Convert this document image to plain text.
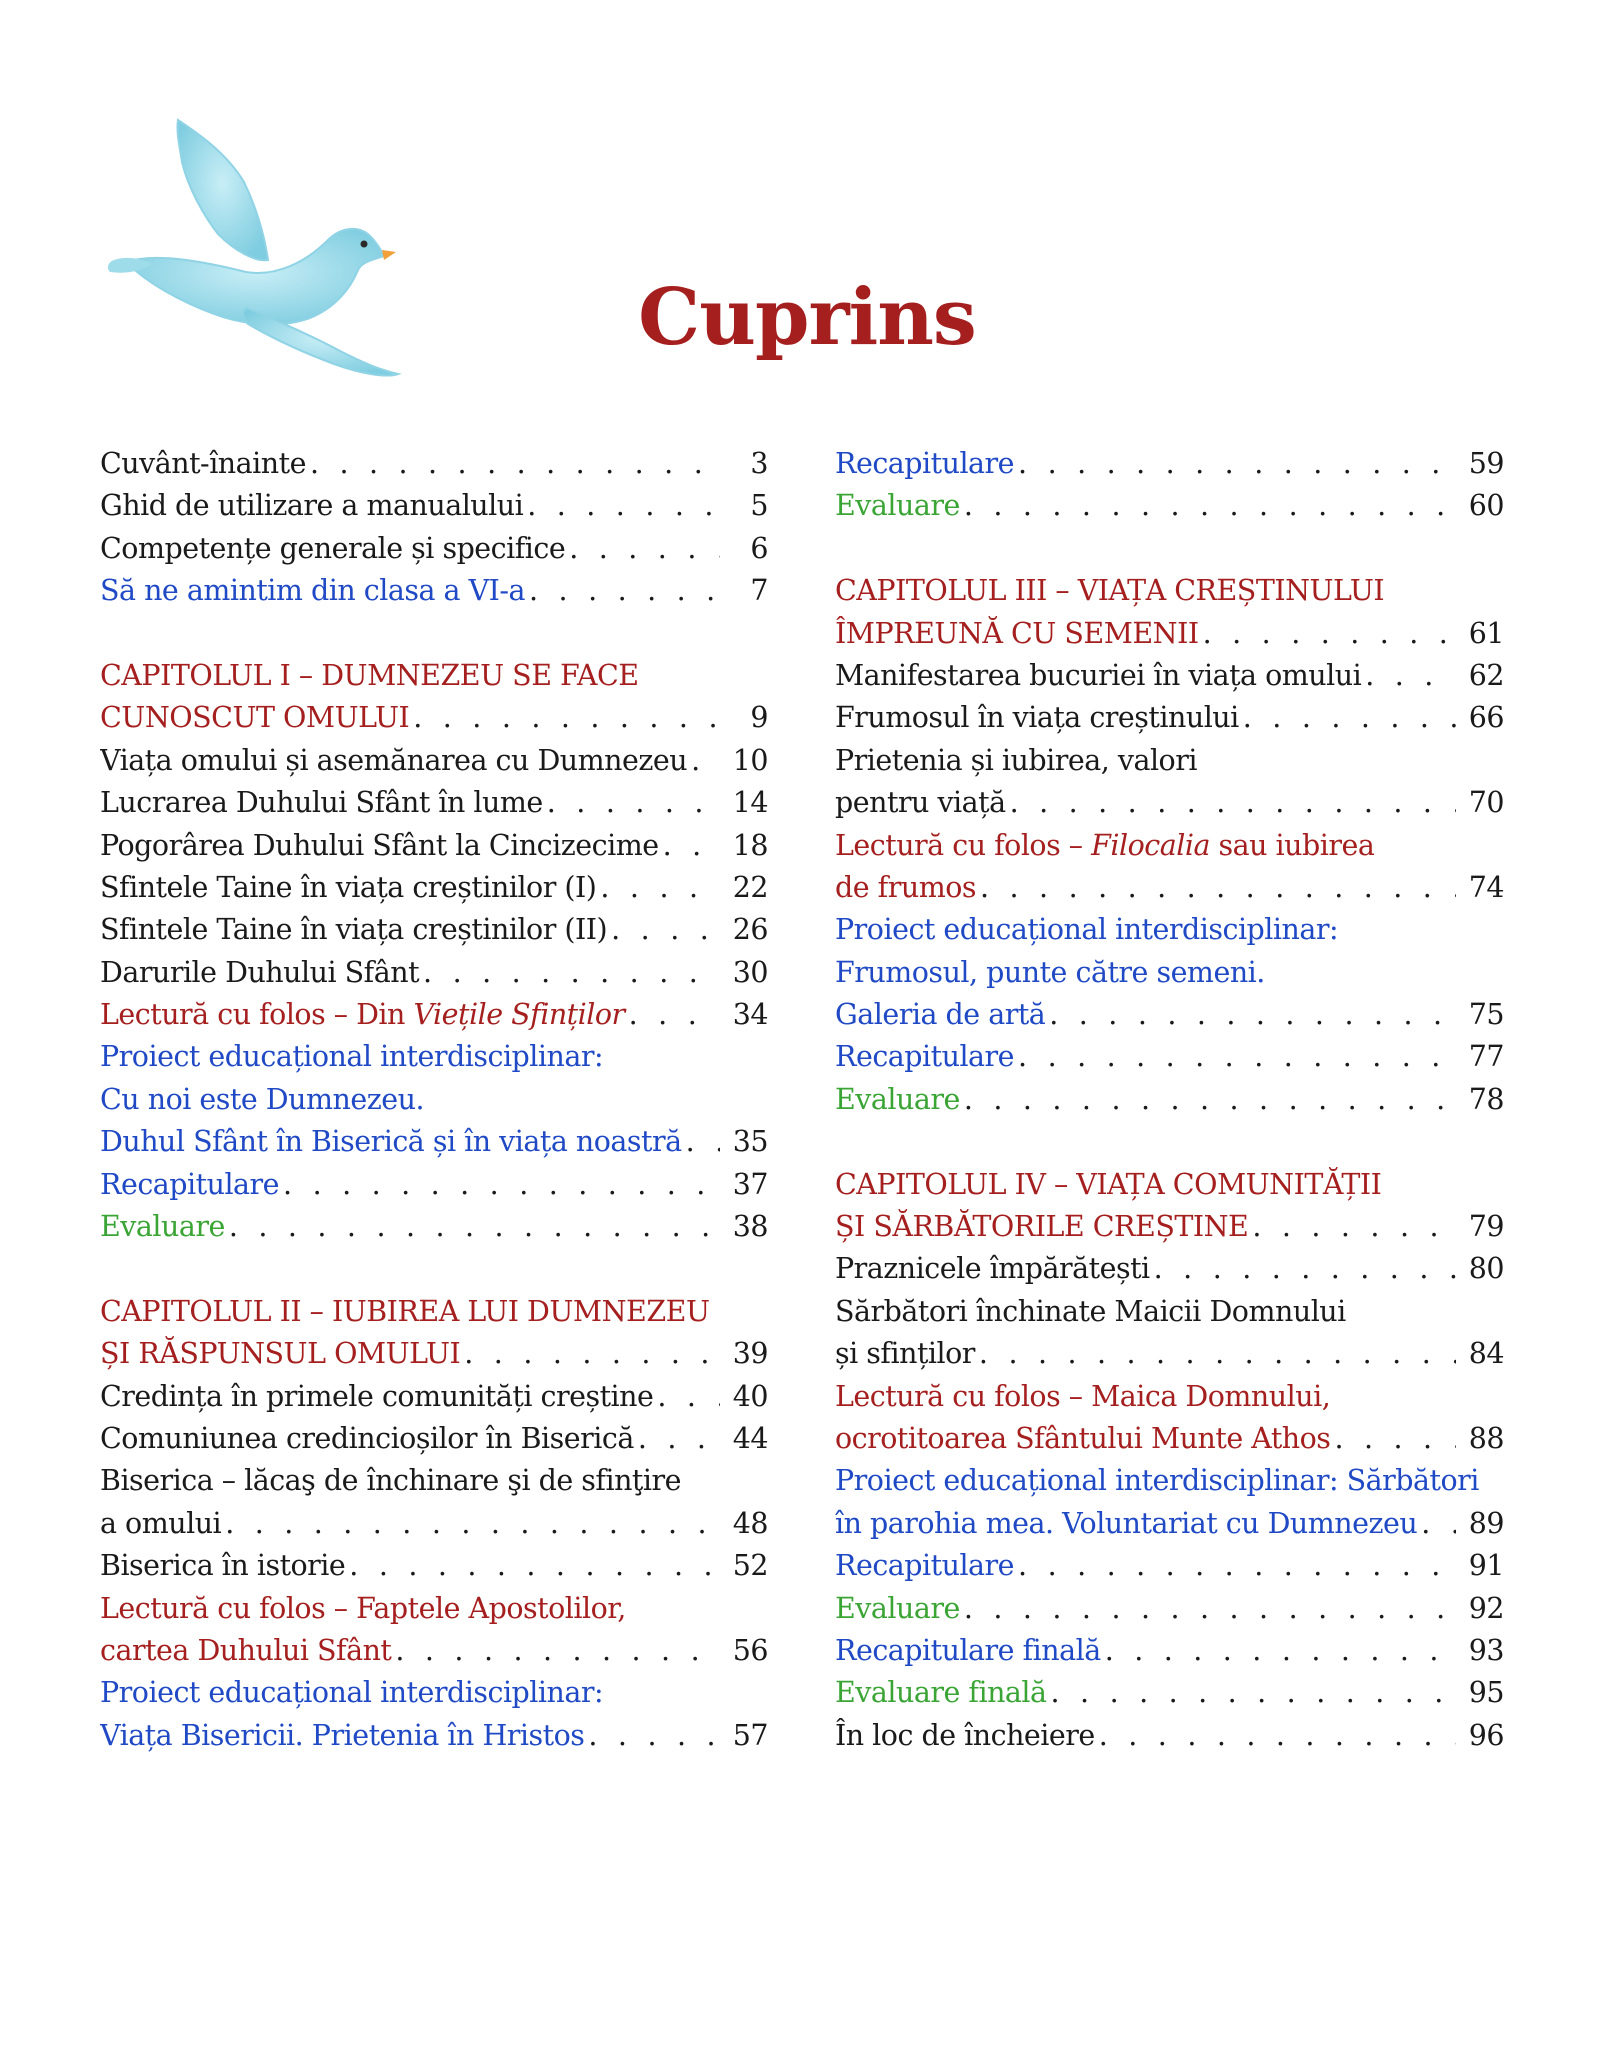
Cuprins
Cuvânt-înainte . . .	3
Ghid de utilizare a manualului . . .	5
Competențe generale și specifice . . .	6
Să ne amintim din clasa a VI-a . . .	7
CAPITOLUL I – DUMNEZEU SE FACE
CUNOSCUT OMULUI . . .	9
Viața omului și asemănarea cu Dumnezeu . . .	10
Lucrarea Duhului Sfânt în lume . . .	14
Pogorârea Duhului Sfânt la Cincizecime . . .	18
Sfintele Taine în viața creștinilor (I) . . .	22
Sfintele Taine în viața creștinilor (II) . . .	26
Darurile Duhului Sfânt . . .	30
Lectură cu folos – Din Viețile Sfinților . . .	34
Proiect educațional interdisciplinar:
Cu noi este Dumnezeu.
Duhul Sfânt în Biserică și în viața noastră . . .	35
Recapitulare . . .	37
Evaluare . . .	38
CAPITOLUL II – IUBIREA LUI DUMNEZEU
ȘI RĂSPUNSUL OMULUI . . .	39
Credința în primele comunități creștine . . .	40
Comuniunea credincioșilor în Biserică . . .	44
Biserica – lăcaş de închinare şi de sfinţire
a omului . . .	48
Biserica în istorie . . .	52
Lectură cu folos – Faptele Apostolilor,
cartea Duhului Sfânt . . .	56
Proiect educațional interdisciplinar:
Viața Bisericii. Prietenia în Hristos . . .	57
Recapitulare . . .	59
Evaluare . . .	60
CAPITOLUL III – VIAȚA CREȘTINULUI
ÎMPREUNĂ CU SEMENII . . .	61
Manifestarea bucuriei în viața omului . . .	62
Frumosul în viața creștinului . . .	66
Prietenia și iubirea, valori
pentru viață . . .	70
Lectură cu folos – Filocalia sau iubirea
de frumos . . .	74
Proiect educațional interdisciplinar:
Frumosul, punte către semeni.
Galeria de artă . . .	75
Recapitulare . . .	77
Evaluare . . .	78
CAPITOLUL IV – VIAȚA COMUNITĂȚII
ȘI SĂRBĂTORILE CREȘTINE . . .	79
Praznicele împărătești . . .	80
Sărbători închinate Maicii Domnului
și sfinților . . .	84
Lectură cu folos – Maica Domnului,
ocrotitoarea Sfântului Munte Athos . . .	88
Proiect educațional interdisciplinar: Sărbători
în parohia mea. Voluntariat cu Dumnezeu . . .	89
Recapitulare . . .	91
Evaluare . . .	92
Recapitulare finală . . .	93
Evaluare finală . . .	95
În loc de încheiere . . .	96
